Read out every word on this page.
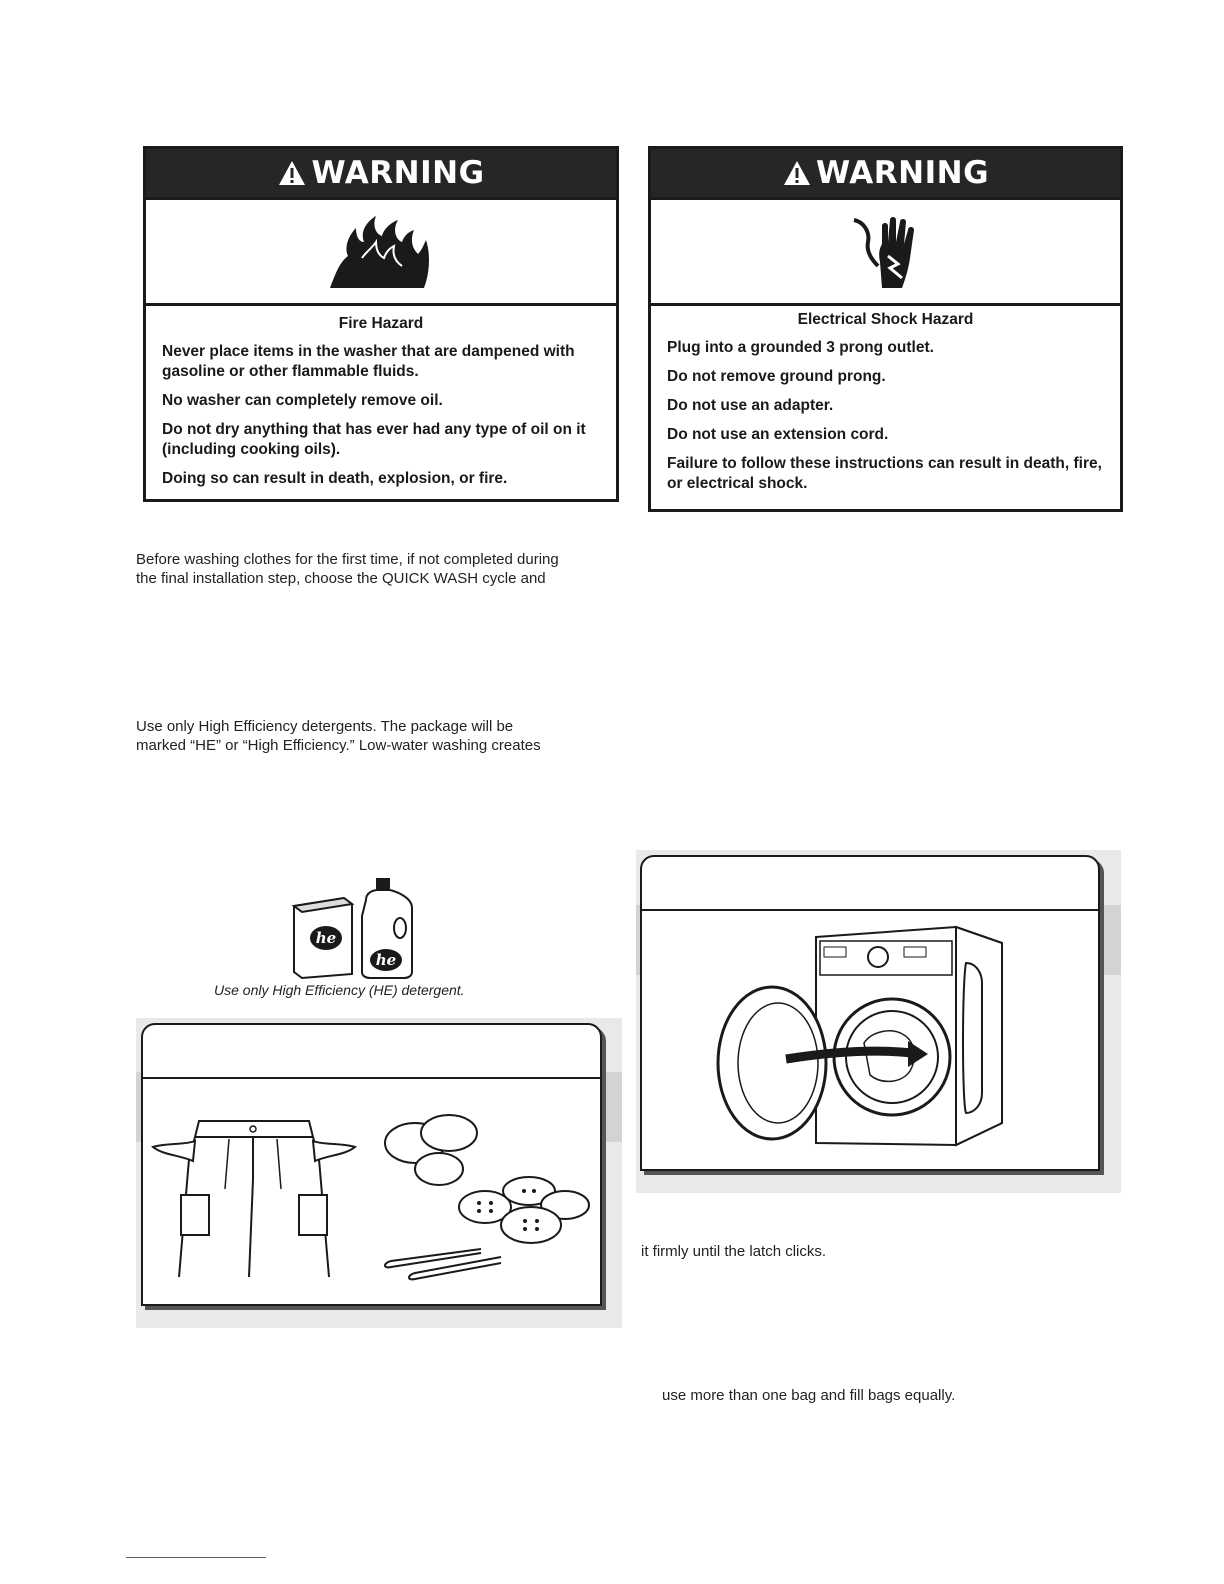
WARNING
Fire Hazard

Never place items in the washer that are dampened with gasoline or other flammable fluids.

No washer can completely remove oil.

Do not dry anything that has ever had any type of oil on it (including cooking oils).

Doing so can result in death, explosion, or fire.

WARNING
Electrical Shock Hazard

Plug into a grounded 3 prong outlet.

Do not remove ground prong.

Do not use an adapter.

Do not use an extension cord.

Failure to follow these instructions can result in death, fire, or electrical shock.

Before washing clothes for the first time, if not completed during
the final installation step, choose the QUICK WASH cycle and
Use only High Efficiency detergents. The package will be
marked “HE” or “High Efficiency.” Low-water washing creates
he
he
Use only High Efficiency (HE) detergent.
it firmly until the latch clicks.
use more than one bag and fill bags equally.
